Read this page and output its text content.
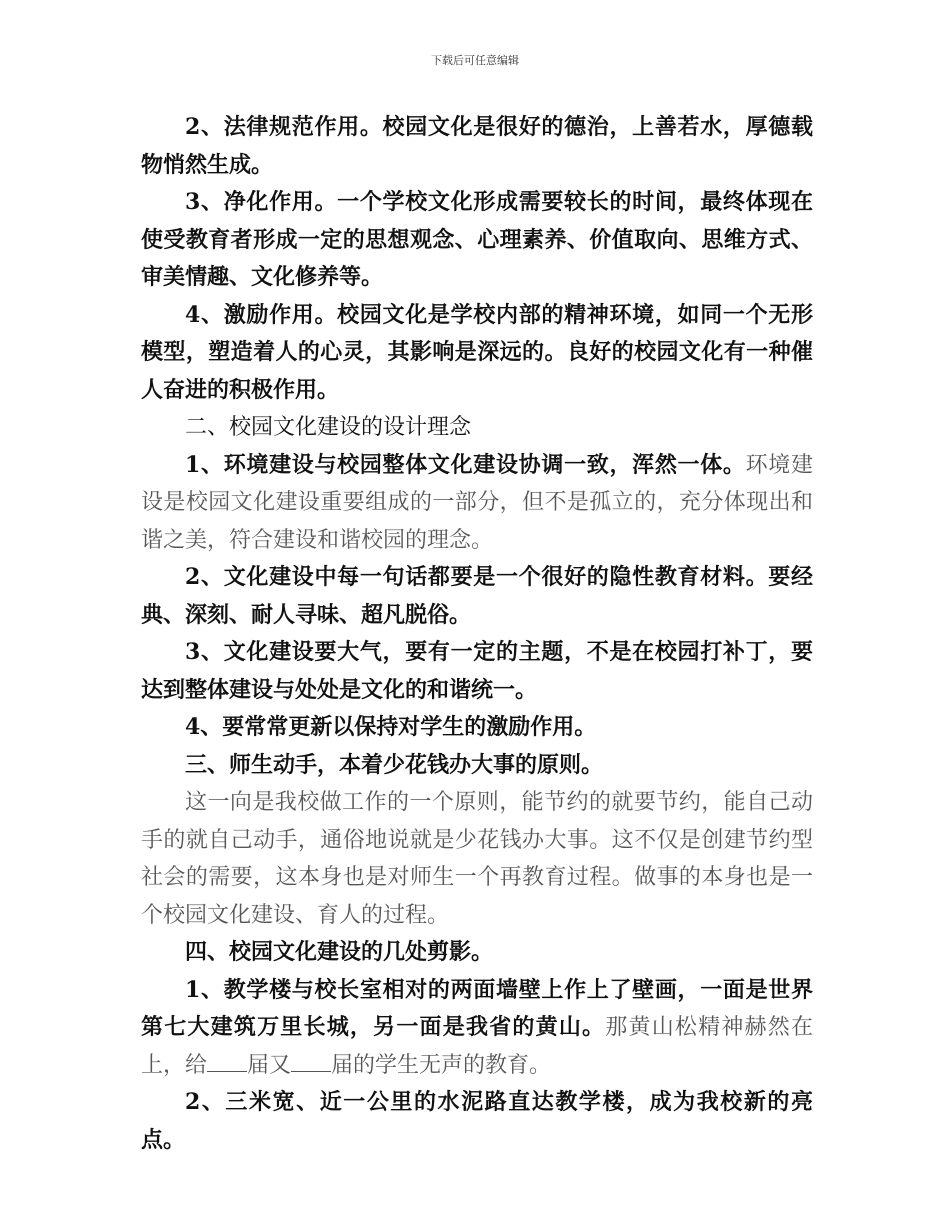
下载后可任意编辑

2、法律规范作用。校园文化是很好的德治，上善若水，厚德载物悄然生成。

3、净化作用。一个学校文化形成需要较长的时间，最终体现在使受教育者形成一定的思想观念、心理素养、价值取向、思维方式、审美情趣、文化修养等。

4、激励作用。校园文化是学校内部的精神环境，如同一个无形模型，塑造着人的心灵，其影响是深远的。良好的校园文化有一种催人奋进的积极作用。

二、校园文化建设的设计理念

1、环境建设与校园整体文化建设协调一致，浑然一体。环境建设是校园文化建设重要组成的一部分，但不是孤立的，充分体现出和谐之美，符合建设和谐校园的理念。

2、文化建设中每一句话都要是一个很好的隐性教育材料。要经典、深刻、耐人寻味、超凡脱俗。

3、文化建设要大气，要有一定的主题，不是在校园打补丁，要达到整体建设与处处是文化的和谐统一。

4、要常常更新以保持对学生的激励作用。

三、师生动手，本着少花钱办大事的原则。

这一向是我校做工作的一个原则，能节约的就要节约，能自己动手的就自己动手，通俗地说就是少花钱办大事。这不仅是创建节约型社会的需要，这本身也是对师生一个再教育过程。做事的本身也是一个校园文化建设、育人的过程。

四、校园文化建设的几处剪影。

1、教学楼与校长室相对的两面墙壁上作上了壁画，一面是世界第七大建筑万里长城，另一面是我省的黄山。那黄山松精神赫然在上，给 届又 届的学生无声的教育。

2、三米宽、近一公里的水泥路直达教学楼，成为我校新的亮点。
